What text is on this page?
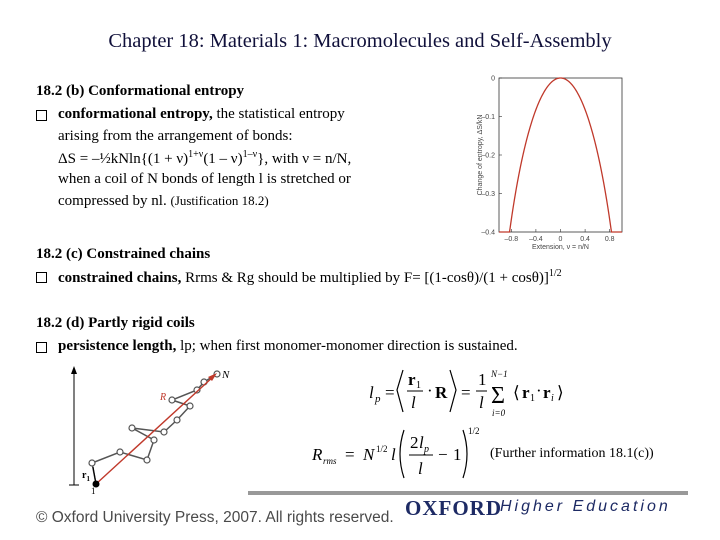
Chapter 18: Materials 1: Macromolecules and Self-Assembly
18.2 (b) Conformational entropy
conformational entropy, the statistical entropy
arising from the arrangement of bonds:
ΔS = –½kNln{(1 + ν)$^{1+\nu}$(1 – ν)$^{1-\nu}$}, with ν = n/N,
when a coil of N bonds of length l is stretched or
compressed by nl. (Justification 18.2)
0
–0.1
–0.2
–0.3
–0.4
–0.8 –0.4 0	0.4 0.8
Extension, ν = n/N
Change of entropy, ΔS/kN
18.2 (c) Constrained chains
constrained chains, Rrms & Rg should be multiplied by $F= [(1-\cos\theta)/(1 + \cos\theta)]^{1/2}$
18.2 (d) Partly rigid coils
persistence length, lp; when first monomer-monomer direction is sustained.
N
R
$r_1$
1
l p =
r 1
l
· R =
1
l Σ
N−1
i=0
⟨ r 1 · r i ⟩
R rms = N 1/2 l
2 l p
l
− 1
1/2
(Further information 18.1(c))
© Oxford University Press, 2007. All rights reserved. OXFORD
Higher Education
